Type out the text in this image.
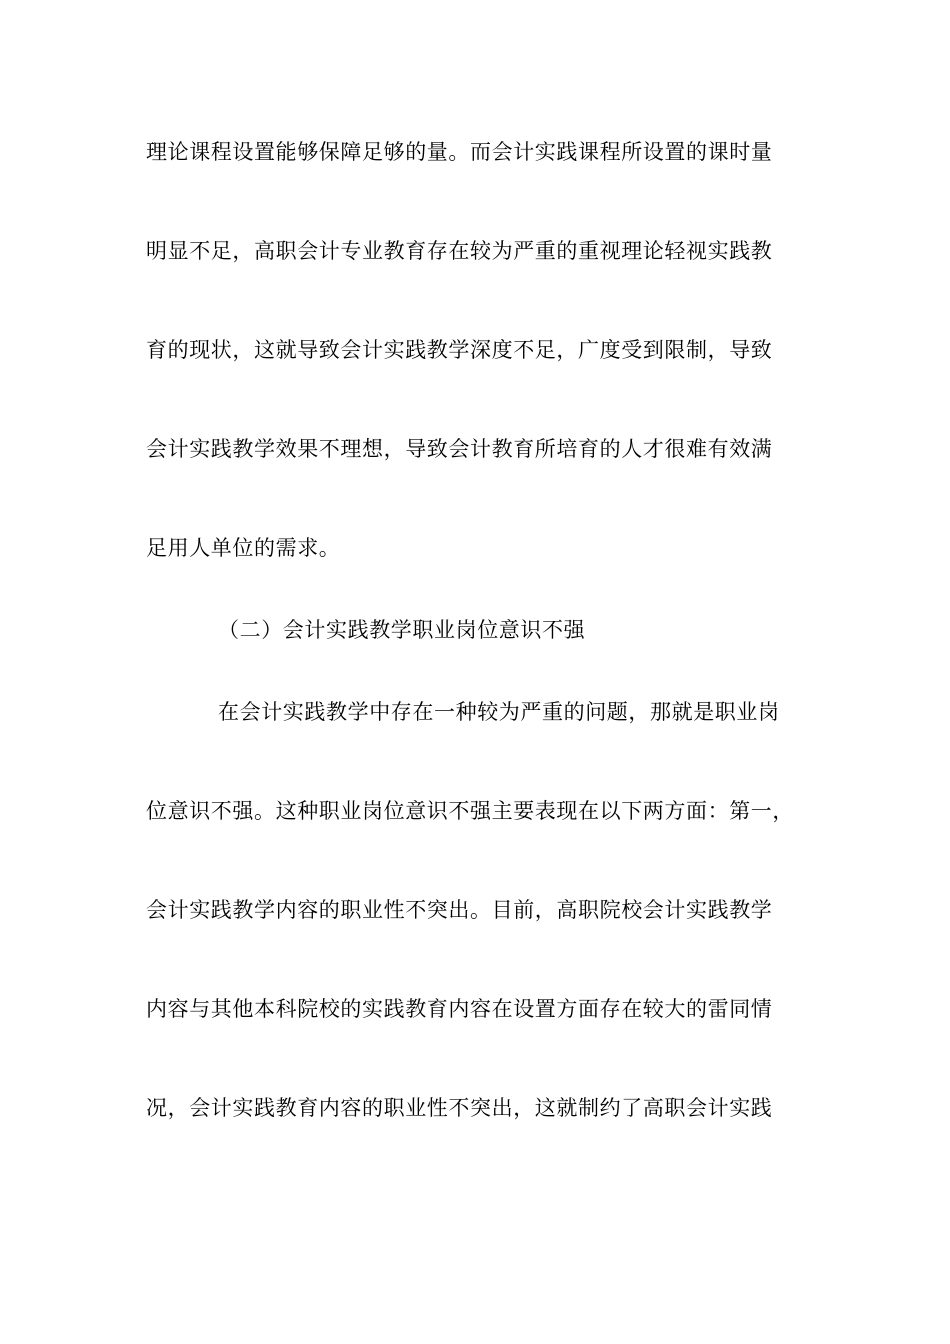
理论课程设置能够保障足够的量。而会计实践课程所设置的课时量
明显不足，高职会计专业教育存在较为严重的重视理论轻视实践教
育的现状，这就导致会计实践教学深度不足，广度受到限制，导致
会计实践教学效果不理想，导致会计教育所培育的人才很难有效满
足用人单位的需求。
（二）会计实践教学职业岗位意识不强
在会计实践教学中存在一种较为严重的问题，那就是职业岗
位意识不强。这种职业岗位意识不强主要表现在以下两方面：第一，
会计实践教学内容的职业性不突出。目前，高职院校会计实践教学
内容与其他本科院校的实践教育内容在设置方面存在较大的雷同情
况，会计实践教育内容的职业性不突出，这就制约了高职会计实践
